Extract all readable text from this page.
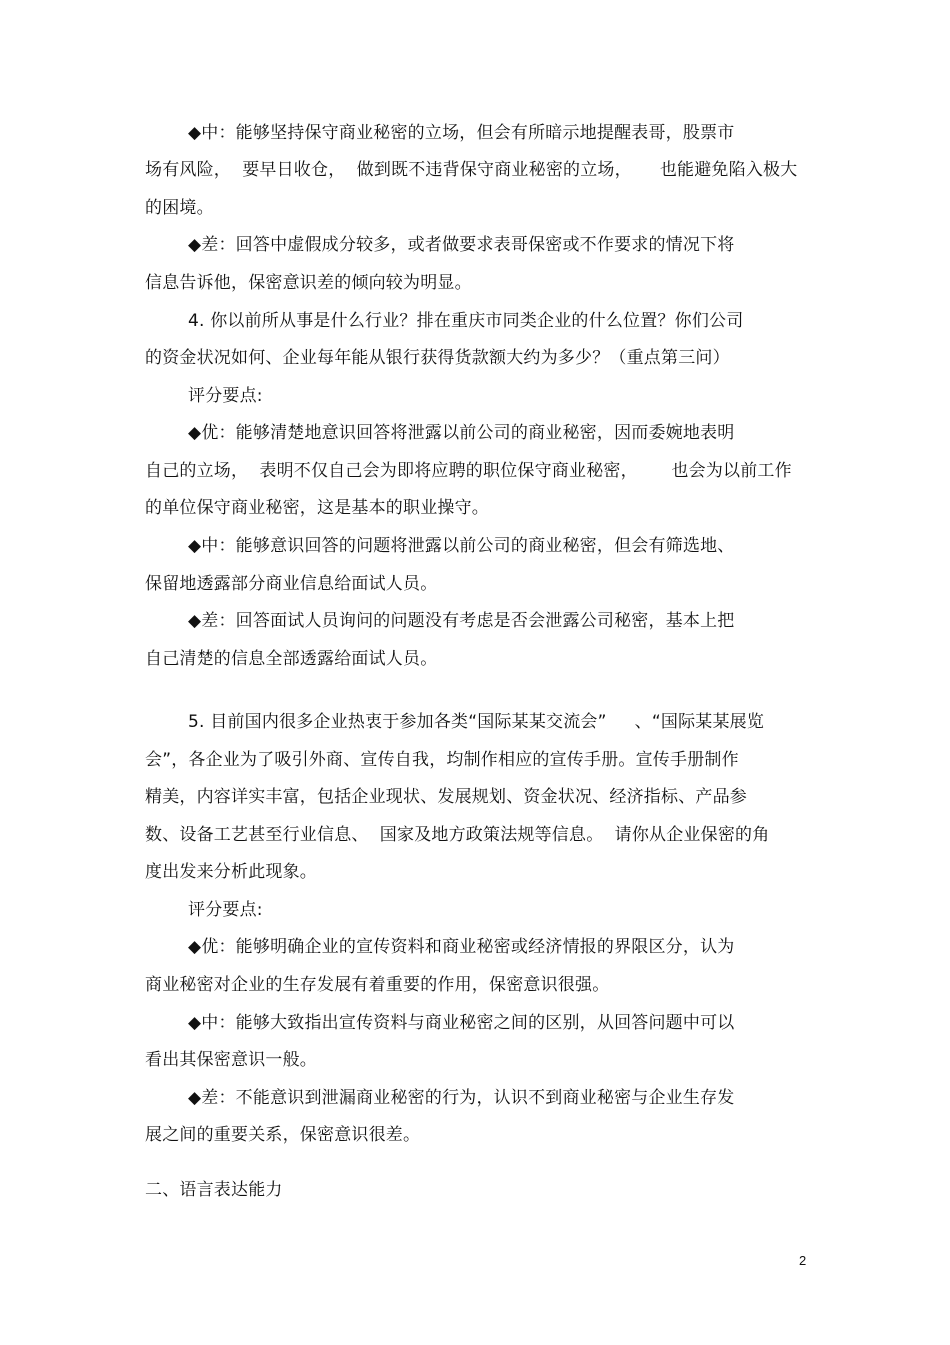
◆中：能够坚持保守商业秘密的立场，但会有所暗示地提醒表哥，股票市
场有风险，  要早日收仓，  做到既不违背保守商业秘密的立场，     也能避免陷入极大
的困境。
◆差：回答中虚假成分较多，或者做要求表哥保密或不作要求的情况下将
信息告诉他，保密意识差的倾向较为明显。
4. 你以前所从事是什么行业？排在重庆市同类企业的什么位置？你们公司
的资金状况如何、企业每年能从银行获得货款额大约为多少？（重点第三问）
评分要点:
◆优：能够清楚地意识回答将泄露以前公司的商业秘密，因而委婉地表明
自己的立场，  表明不仅自己会为即将应聘的职位保守商业秘密，      也会为以前工作
的单位保守商业秘密，这是基本的职业操守。
◆中：能够意识回答的问题将泄露以前公司的商业秘密，但会有筛选地、
保留地透露部分商业信息给面试人员。
◆差：回答面试人员询问的问题没有考虑是否会泄露公司秘密，基本上把
自己清楚的信息全部透露给面试人员。
5. 目前国内很多企业热衷于参加各类“国际某某交流会”     、“国际某某展览
会”，各企业为了吸引外商、宣传自我，均制作相应的宣传手册。宣传手册制作
精美，内容详实丰富，包括企业现状、发展规划、资金状况、经济指标、产品参
数、设备工艺甚至行业信息、  国家及地方政策法规等信息。  请你从企业保密的角
度出发来分析此现象。
评分要点:
◆优：能够明确企业的宣传资料和商业秘密或经济情报的界限区分，认为
商业秘密对企业的生存发展有着重要的作用，保密意识很强。
◆中：能够大致指出宣传资料与商业秘密之间的区别，从回答问题中可以
看出其保密意识一般。
◆差：不能意识到泄漏商业秘密的行为，认识不到商业秘密与企业生存发
展之间的重要关系，保密意识很差。
二、语言表达能力
2
